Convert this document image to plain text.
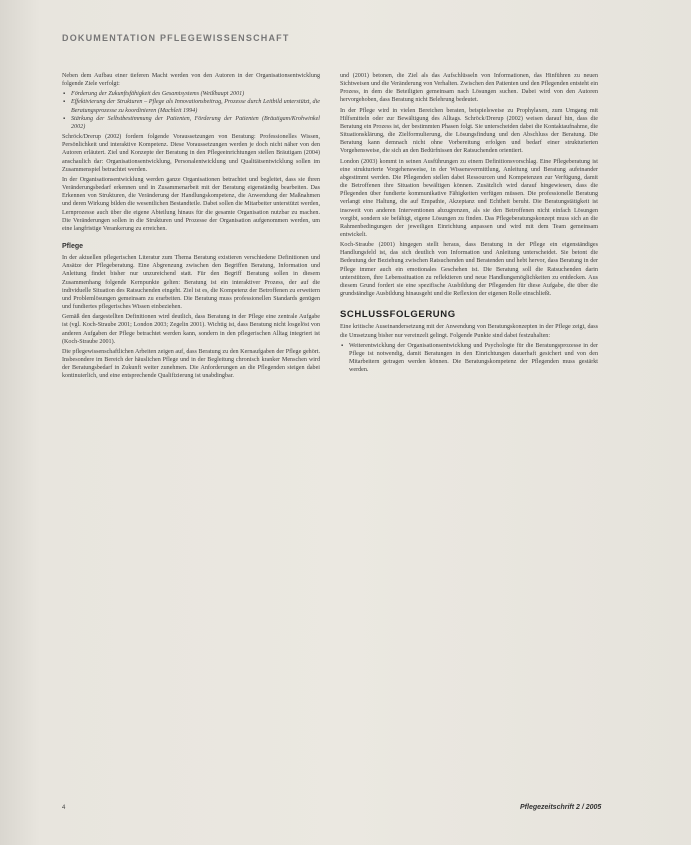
DOKUMENTATION PFLEGEWISSENSCHAFT

Neben dem Aufbau einer tieferen Macht werden von den Autoren in der Organisationsentwicklung folgende Ziele verfolgt:

▪ Förderung der Zukunftsfähigkeit des Gesamtsystems (Weißhaupt 2001)
▪ Effektivierung der Strukturen – Pflege als Innovationsbeitrag, Prozesse durch Leitbild unterstützt, die Beratungsprozesse zu koordinieren (Machleit 1994)
▪ Stärkung der Selbstbestimmung der Patienten, Förderung der Patienten (Bräutigam/Krohwinkel 2002)

Schröck/Drerup (2002) fordern folgende Voraussetzungen von Beratung: Professionelles Wissen, Persönlichkeit und interaktive Kompetenz. Diese Voraussetzungen werden je doch nicht näher von den Autoren erläutert. Ziel und Konzepte der Beratung in den Pflegeeinrichtungen stellen Bräutigam (2004) anschaulich dar: Organisationsentwicklung, Personalentwicklung und Qualitätsentwicklung sollen im Zusammenspiel betrachtet werden.

In der Organisationsentwicklung werden ganze Organisationen betrachtet und begleitet, dass sie ihren Veränderungsbedarf erkennen und in Zusammenarbeit mit der Beratung eigenständig bearbeiten. Das Erkennen von Strukturen, die Veränderung der Handlungskompetenz, die Anwendung der Maßnahmen und deren Wirkung bilden die wesentlichen Bestandteile. Dabei sollen die Mitarbeiter unterstützt werden, Lernprozesse auch über die eigene Abteilung hinaus für die gesamte Organisation nutzbar zu machen. Die Veränderungen sollen in die Strukturen und Prozesse der Organisation aufgenommen werden, um eine langfristige Verankerung zu erreichen.

Pflege

In der aktuellen pflegerischen Literatur zum Thema Beratung existieren verschiedene Definitionen und Ansätze der Pflegeberatung. Eine Abgrenzung zwischen den Begriffen Beratung, Information und Anleitung findet bisher nur unzureichend statt. Für den Begriff Beratung sollen in diesem Zusammenhang folgende Kernpunkte gelten: Beratung ist ein interaktiver Prozess, der auf die individuelle Situation des Ratsuchenden eingeht. Ziel ist es, die Kompetenz der Betroffenen zu erweitern und Problemlösungen gemeinsam zu erarbeiten. Die Beratung muss professionellen Standards genügen und fundiertes pflegerisches Wissen einbeziehen.

Gemäß den dargestellten Definitionen wird deutlich, dass Beratung in der Pflege eine zentrale Aufgabe ist (vgl. Koch-Straube 2001; London 2003; Zegelin 2001). Wichtig ist, dass Beratung nicht losgelöst von anderen Aufgaben der Pflege betrachtet werden kann, sondern in den pflegerischen Alltag integriert ist (Koch-Straube 2001).

Die pflegewissenschaftlichen Arbeiten zeigen auf, dass Beratung zu den Kernaufgaben der Pflege gehört. Insbesondere im Bereich der häuslichen Pflege und in der Begleitung chronisch kranker Menschen wird der Beratungsbedarf in Zukunft weiter zunehmen. Die Anforderungen an die Pflegenden steigen dabei kontinuierlich, und eine entsprechende Qualifizierung ist unabdingbar.

und (2001) betonen, die Ziel als das Aufschlüsseln von Informationen, das Hinführen zu neuen Sichtweisen und die Veränderung von Verhalten. Zwischen den Patienten und den Pflegenden entsteht ein Prozess, in dem die Beteiligten gemeinsam nach Lösungen suchen. Dabei wird von den Autoren hervorgehoben, dass Beratung nicht Belehrung bedeutet.

In der Pflege wird in vielen Bereichen beraten, beispielsweise zu Prophylaxen, zum Umgang mit Hilfsmitteln oder zur Bewältigung des Alltags. Schröck/Drerup (2002) weisen darauf hin, dass die Beratung ein Prozess ist, der bestimmten Phasen folgt. Sie unterscheiden dabei die Kontaktaufnahme, die Situationsklärung, die Zielformulierung, die Lösungsfindung und den Abschluss der Beratung. Die Beratung kann demnach nicht ohne Vorbereitung erfolgen und bedarf einer strukturierten Vorgehensweise, die sich an den Bedürfnissen der Ratsuchenden orientiert.

London (2003) kommt in seinen Ausführungen zu einem Definitionsvorschlag. Eine Pflegeberatung ist eine strukturierte Vorgehensweise, in der Wissensvermittlung, Anleitung und Beratung aufeinander abgestimmt werden. Die Pflegenden stellen dabei Ressourcen und Kompetenzen zur Verfügung, damit die Betroffenen ihre Situation bewältigen können. Zusätzlich wird darauf hingewiesen, dass die Pflegenden über fundierte kommunikative Fähigkeiten verfügen müssen. Die professionelle Beratung verlangt eine Haltung, die auf Empathie, Akzeptanz und Echtheit beruht. Die Beratungstätigkeit ist insoweit von anderen Interventionen abzugrenzen, als sie den Betroffenen nicht einfach Lösungen vorgibt, sondern sie befähigt, eigene Lösungen zu finden. Das Pflegeberatungskonzept muss sich an die Rahmenbedingungen der jeweiligen Einrichtung anpassen und wird mit dem Team gemeinsam entwickelt.

Koch-Straube (2001) hingegen stellt heraus, dass Beratung in der Pflege ein eigenständiges Handlungsfeld ist, das sich deutlich von Information und Anleitung unterscheidet. Sie betont die Bedeutung der Beziehung zwischen Ratsuchenden und Beratenden und hebt hervor, dass Beratung in der Pflege immer auch ein emotionales Geschehen ist. Die Beratung soll die Ratsuchenden darin unterstützen, ihre Lebenssituation zu reflektieren und neue Handlungsmöglichkeiten zu entdecken. Aus diesem Grund fordert sie eine spezifische Ausbildung der Pflegenden für diese Aufgabe, die über die grundständige Ausbildung hinausgeht und die Reflexion der eigenen Rolle einschließt.

SCHLUSSFOLGERUNG

Eine kritische Auseinandersetzung mit der Anwendung von Beratungskonzepten in der Pflege zeigt, dass die Umsetzung bisher nur vereinzelt gelingt. Folgende Punkte sind dabei festzuhalten:

▪ Weiterentwicklung der Organisationsentwicklung und Psychologie für die Beratungsprozesse in der Pflege ist notwendig, damit Beratungen in den Einrichtungen dauerhaft gesichert und von den Mitarbeitern getragen werden können. Die Beratungskompetenz der Pflegenden muss gestärkt werden.
4	Pflegezeitschrift 2 / 2005
